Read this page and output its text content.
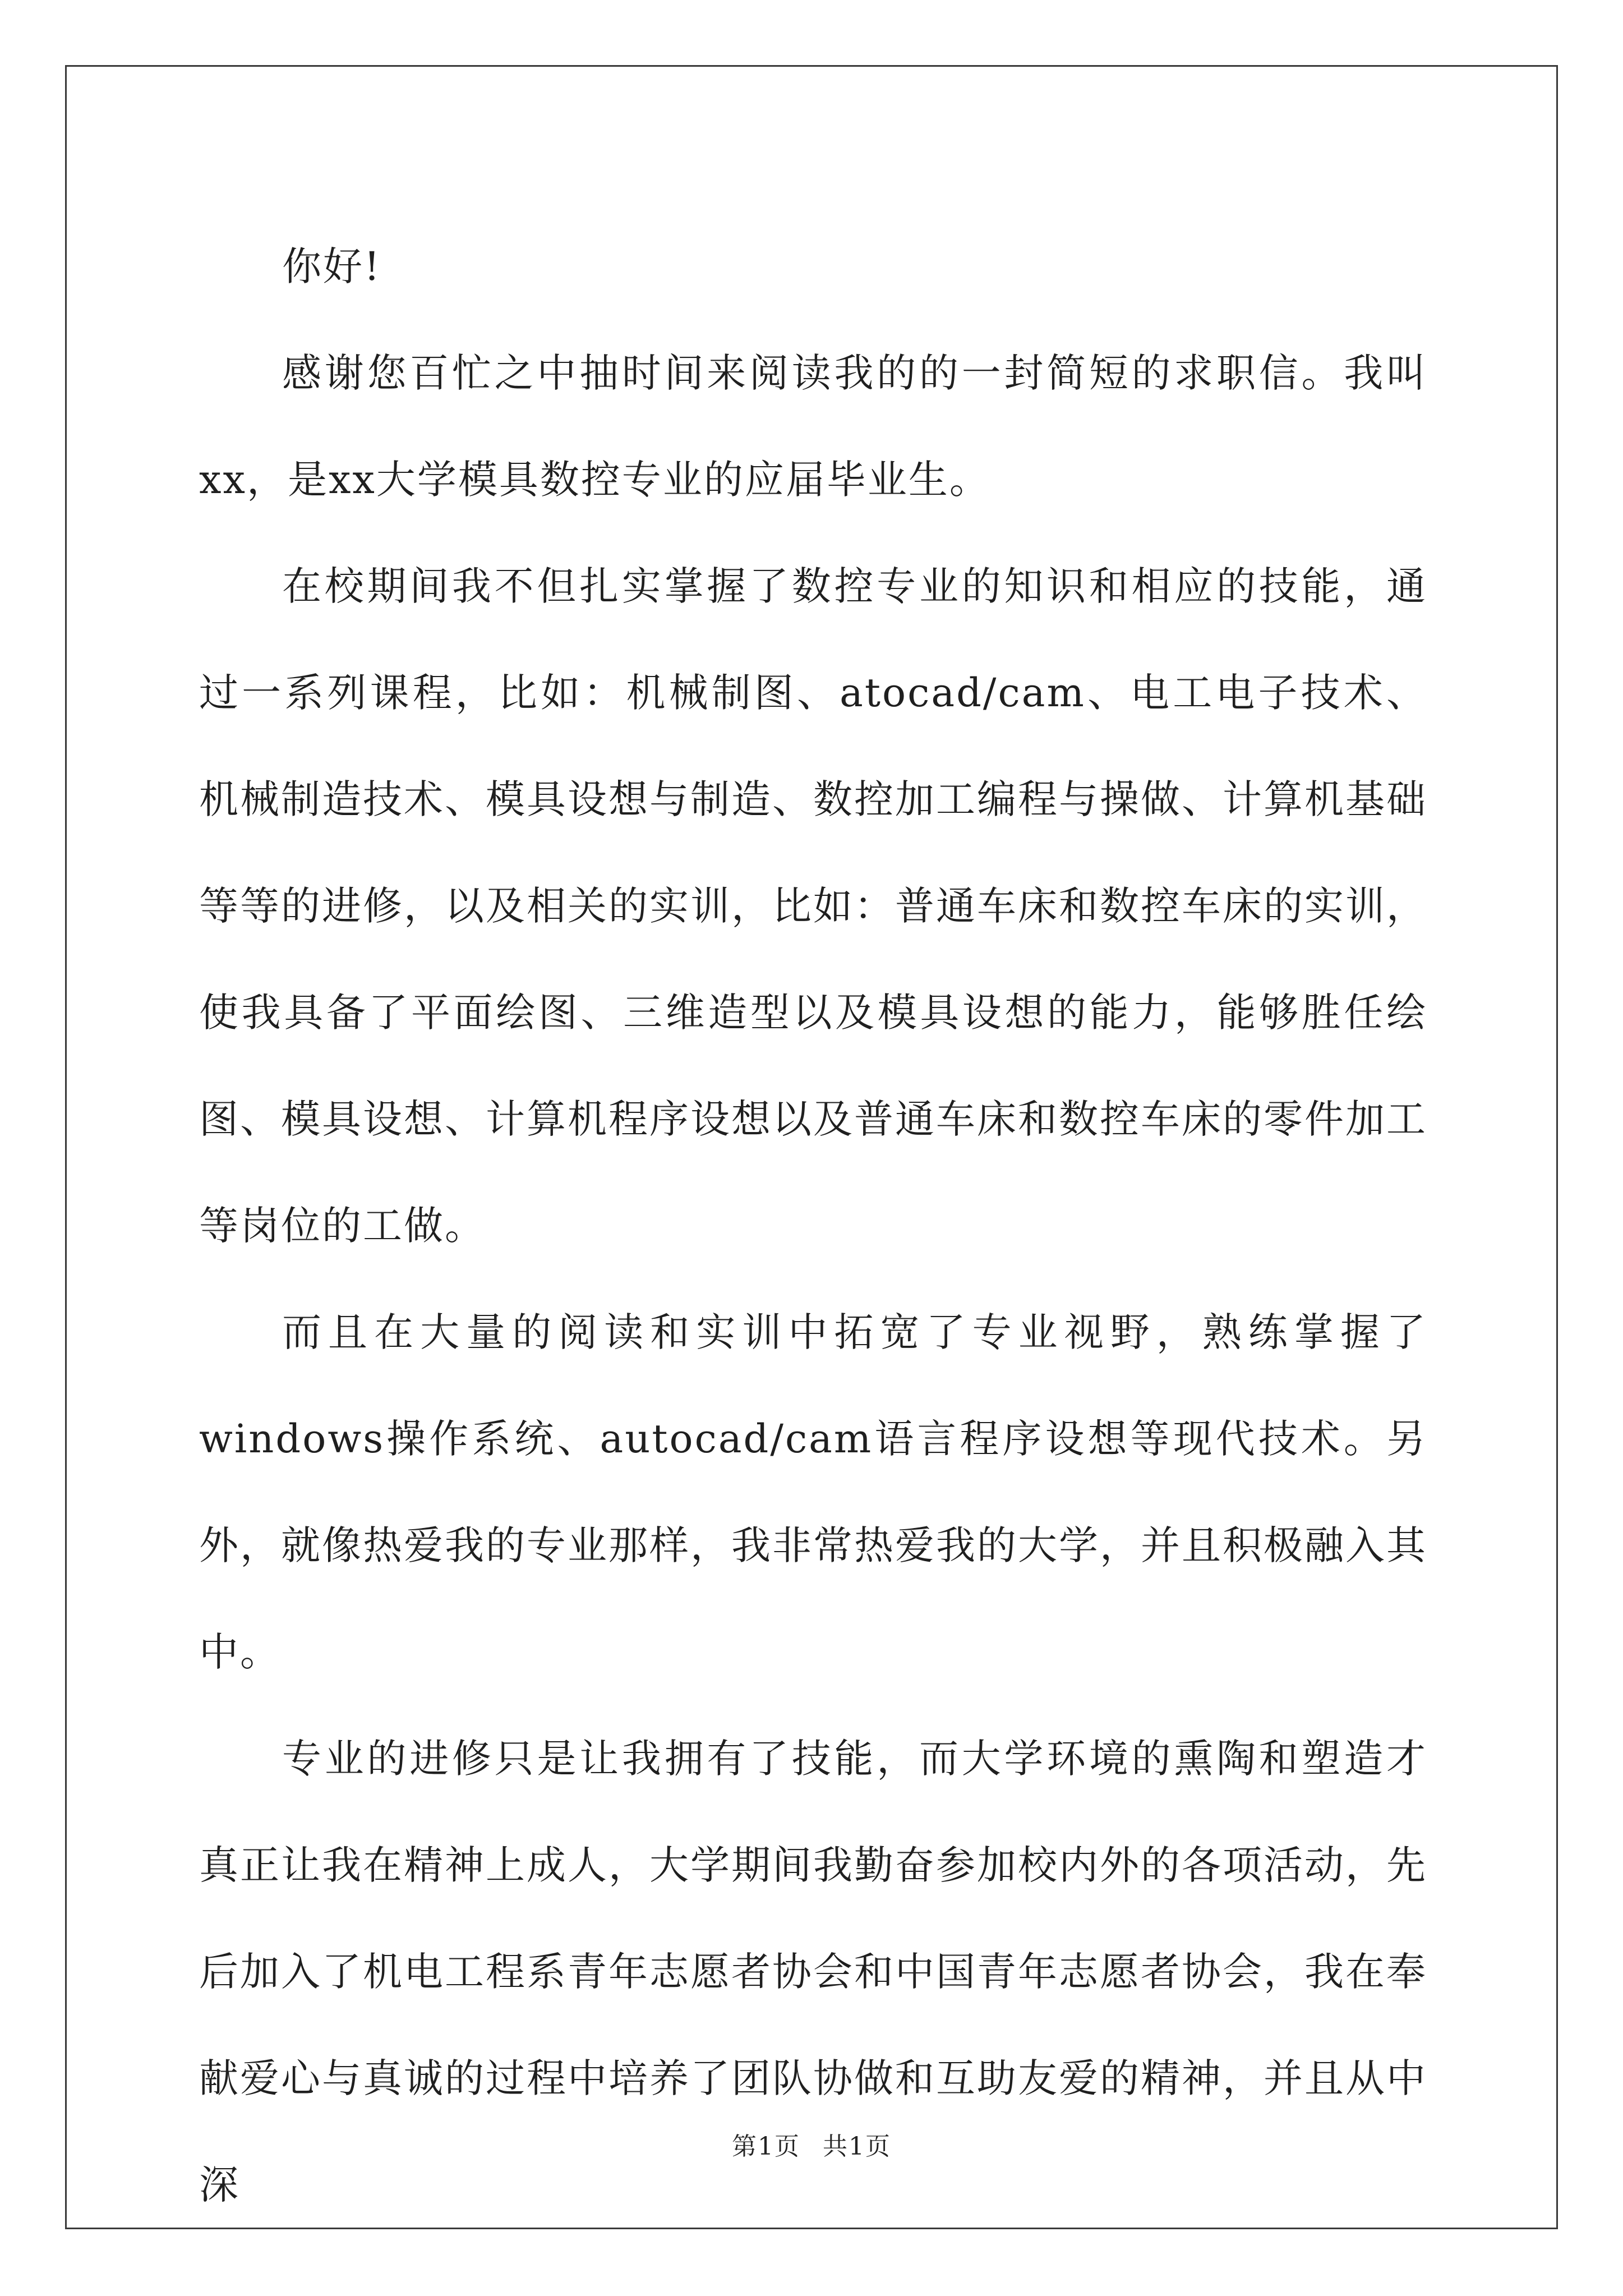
你好!

感谢您百忙之中抽时间来阅读我的的一封简短的求职信。我叫xx，是xx大学模具数控专业的应届毕业生。

在校期间我不但扎实掌握了数控专业的知识和相应的技能，通过一系列课程，比如：机械制图、atocad/cam、电工电子技术、机械制造技术、模具设想与制造、数控加工编程与操做、计算机基础等等的进修，以及相关的实训，比如：普通车床和数控车床的实训，使我具备了平面绘图、三维造型以及模具设想的能力，能够胜任绘图、模具设想、计算机程序设想以及普通车床和数控车床的零件加工等岗位的工做。

而且在大量的阅读和实训中拓宽了专业视野，熟练掌握了windows操作系统、autocad/cam语言程序设想等现代技术。另外，就像热爱我的专业那样，我非常热爱我的大学，并且积极融入其中。

专业的进修只是让我拥有了技能，而大学环境的熏陶和塑造才真正让我在精神上成人，大学期间我勤奋参加校内外的各项活动，先后加入了机电工程系青年志愿者协会和中国青年志愿者协会，我在奉献爱心与真诚的过程中培养了团队协做和互助友爱的精神，并且从中深

第1页 共1页
